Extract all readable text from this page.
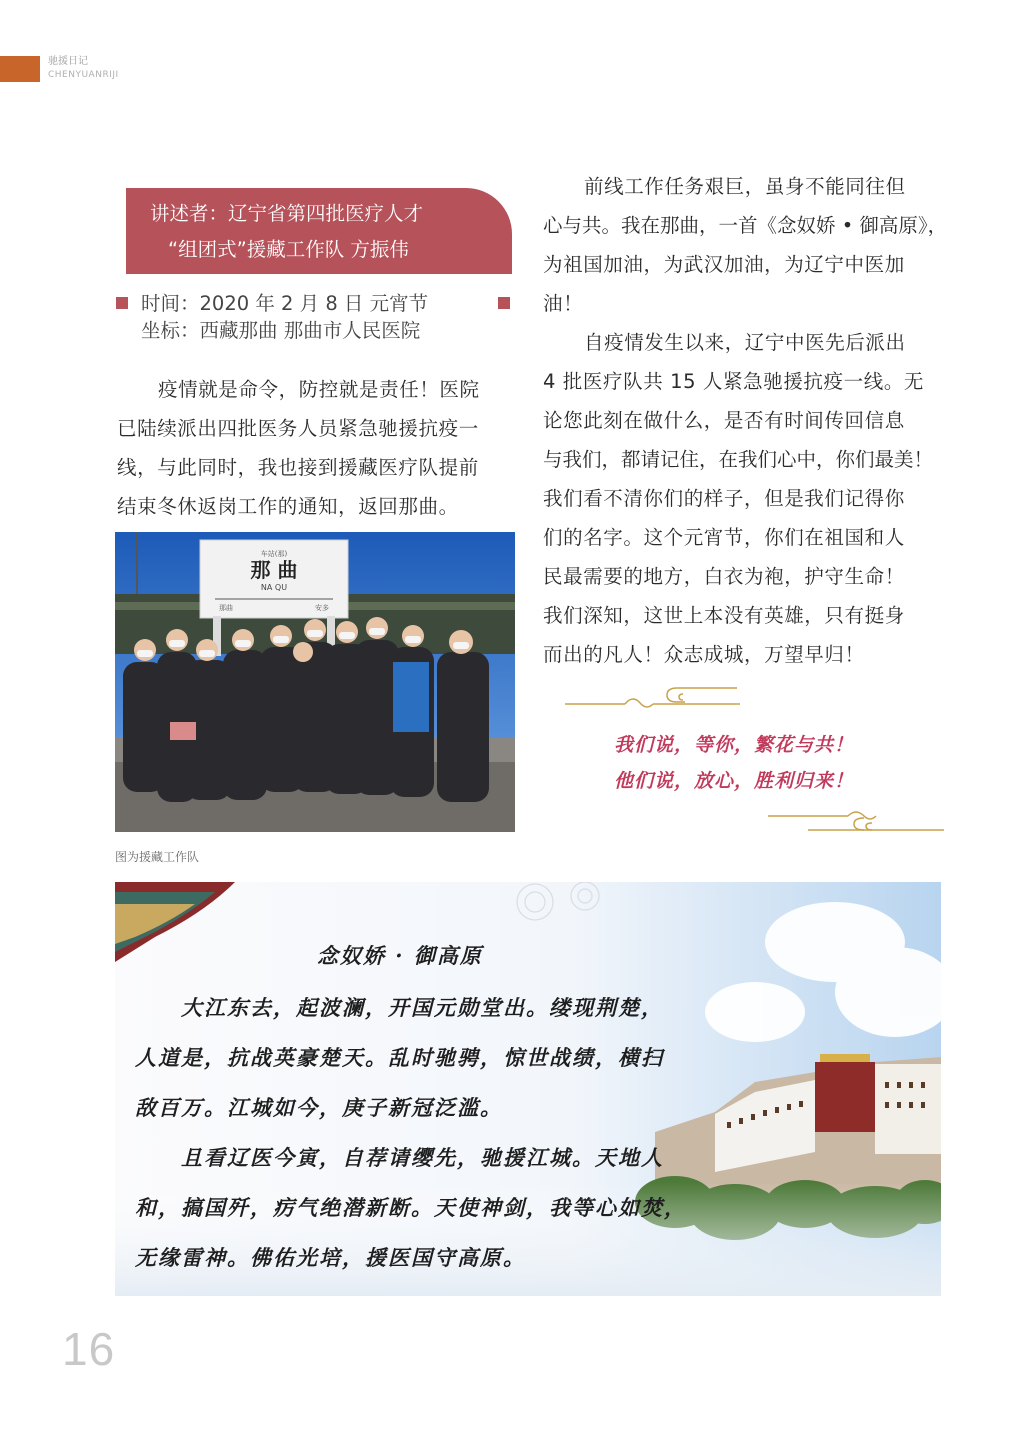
驰援日记
CHENYUANRIJI
讲述者：辽宁省第四批医疗人才
“组团式”援藏工作队 方振伟
时间：2020 年 2 月 8 日 元宵节
坐标：西藏那曲 那曲市人民医院
疫情就是命令，防控就是责任！医院
已陆续派出四批医务人员紧急驰援抗疫一
线，与此同时，我也接到援藏医疗队提前
结束冬休返岗工作的通知，返回那曲。
车站(那)
那 曲
NA QU
那曲	安多
图为援藏工作队
前线工作任务艰巨，虽身不能同往但
心与共。我在那曲，一首《念奴娇 • 御高原》，
为祖国加油，为武汉加油，为辽宁中医加
油！
自疫情发生以来，辽宁中医先后派出
4 批医疗队共 15 人紧急驰援抗疫一线。无
论您此刻在做什么，是否有时间传回信息
与我们，都请记住，在我们心中，你们最美！
我们看不清你们的样子，但是我们记得你
们的名字。这个元宵节，你们在祖国和人
民最需要的地方，白衣为袍，护守生命！
我们深知，这世上本没有英雄，只有挺身
而出的凡人！众志成城，万望早归！
我们说，等你，繁花与共！
他们说，放心，胜利归来！
念奴娇 · 御高原
大江东去，起波澜，开国元勋堂出。缕现荆楚，
人道是，抗战英豪楚天。乱时驰骋，惊世战绩，横扫
敌百万。江城如今，庚子新冠泛滥。
且看辽医今寅，自荐请缨先，驰援江城。天地人
和，搞国歼，疠气绝潜新断。天使神剑，我等心如焚，
无缘雷神。佛佑光培，援医国守高原。
16
